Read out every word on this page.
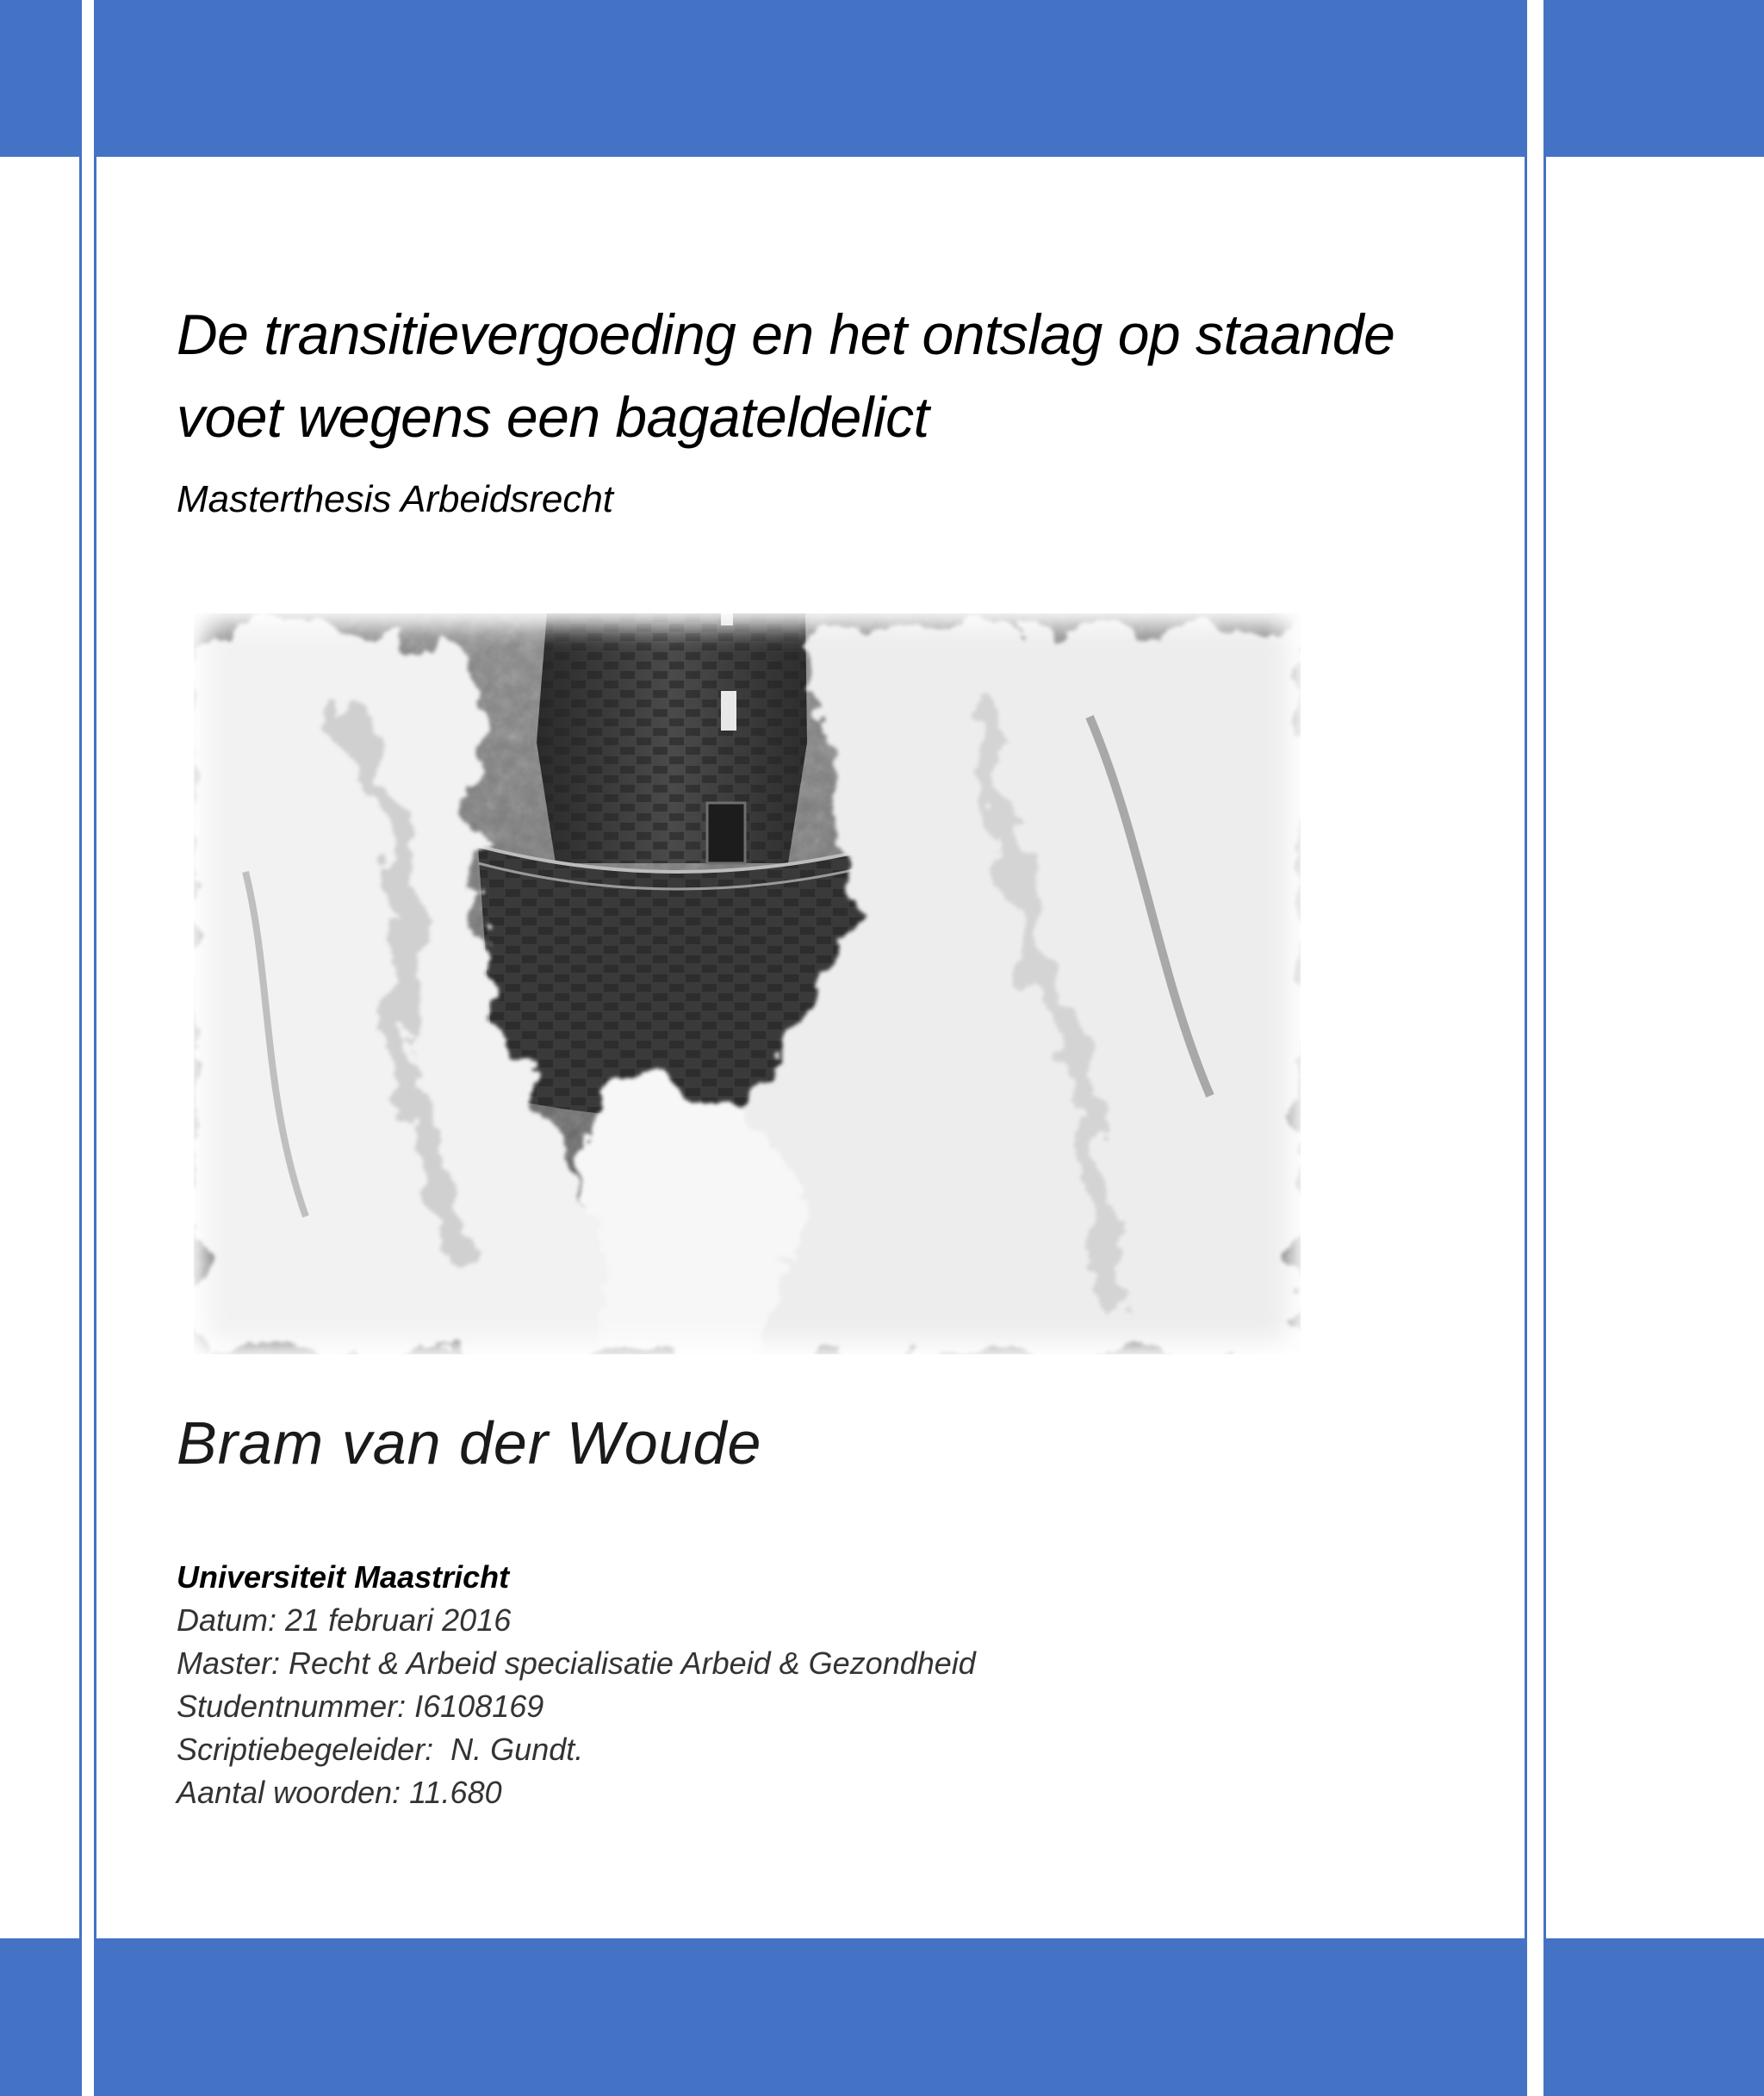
De transitievergoeding en het ontslag op staande voet wegens een bagateldelict
Masterthesis Arbeidsrecht
Bram van der Woude
Universiteit Maastricht
Datum: 21 februari 2016
Master: Recht & Arbeid specialisatie Arbeid & Gezondheid
Studentnummer: I6108169
Scriptiebegeleider:  N. Gundt.
Aantal woorden: 11.680
